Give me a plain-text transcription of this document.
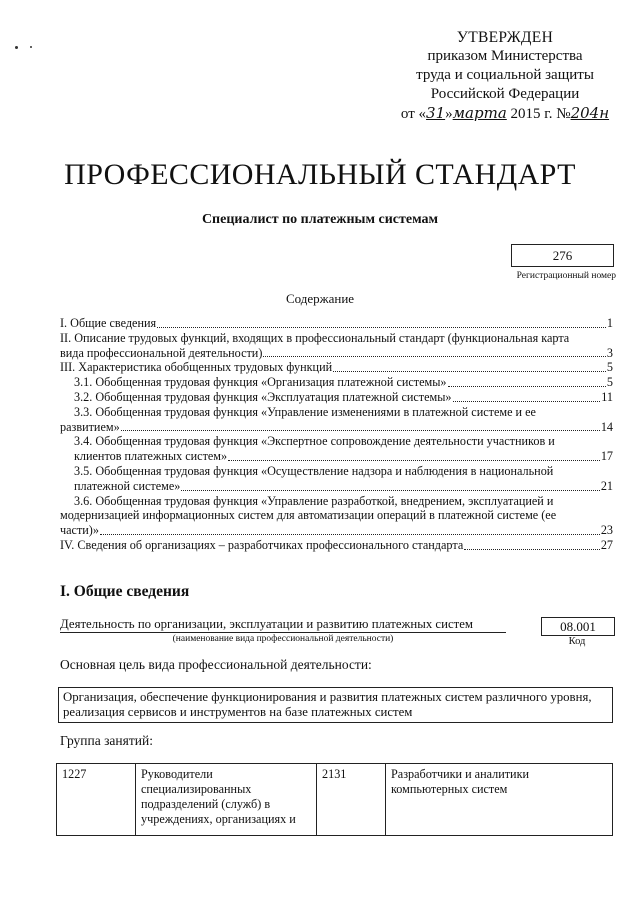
УТВЕРЖДЕН
приказом Министерства
труда и социальной защиты
Российской Федерации
от «31»марта 2015 г. №204н
ПРОФЕССИОНАЛЬНЫЙ СТАНДАРТ
Специалист по платежным системам
276
Регистрационный номер
Содержание
I. Общие сведения	1
II. Описание трудовых функций, входящих в профессиональный стандарт (функциональная карта
вида профессиональной деятельности)	3
III. Характеристика обобщенных трудовых функций	5
3.1. Обобщенная трудовая функция «Организация платежной системы»	5
3.2. Обобщенная трудовая функция «Эксплуатация платежной системы»	11
3.3. Обобщенная трудовая функция «Управление изменениями в платежной системе и ее
развитием»	14
3.4. Обобщенная трудовая функция «Экспертное сопровождение деятельности участников и
клиентов платежных систем»	17
3.5. Обобщенная трудовая функция «Осуществление надзора и наблюдения в национальной
платежной системе»	21
3.6. Обобщенная трудовая функция «Управление разработкой, внедрением, эксплуатацией и
модернизацией информационных систем для автоматизации операций в платежной системе (ее
части)»	23
IV. Сведения об организациях – разработчиках профессионального стандарта	27
I. Общие сведения
Деятельность по организации, эксплуатации и развитию платежных систем
(наименование вида профессиональной деятельности)
08.001
Код
Основная цель вида профессиональной деятельности:
Организация, обеспечение функционирования и развития платежных систем различного уровня, реализация сервисов и инструментов на базе платежных систем
Группа занятий:
1227	Руководители специализированных подразделений (служб) в учреждениях, организациях и	2131	Разработчики и аналитики компьютерных систем
